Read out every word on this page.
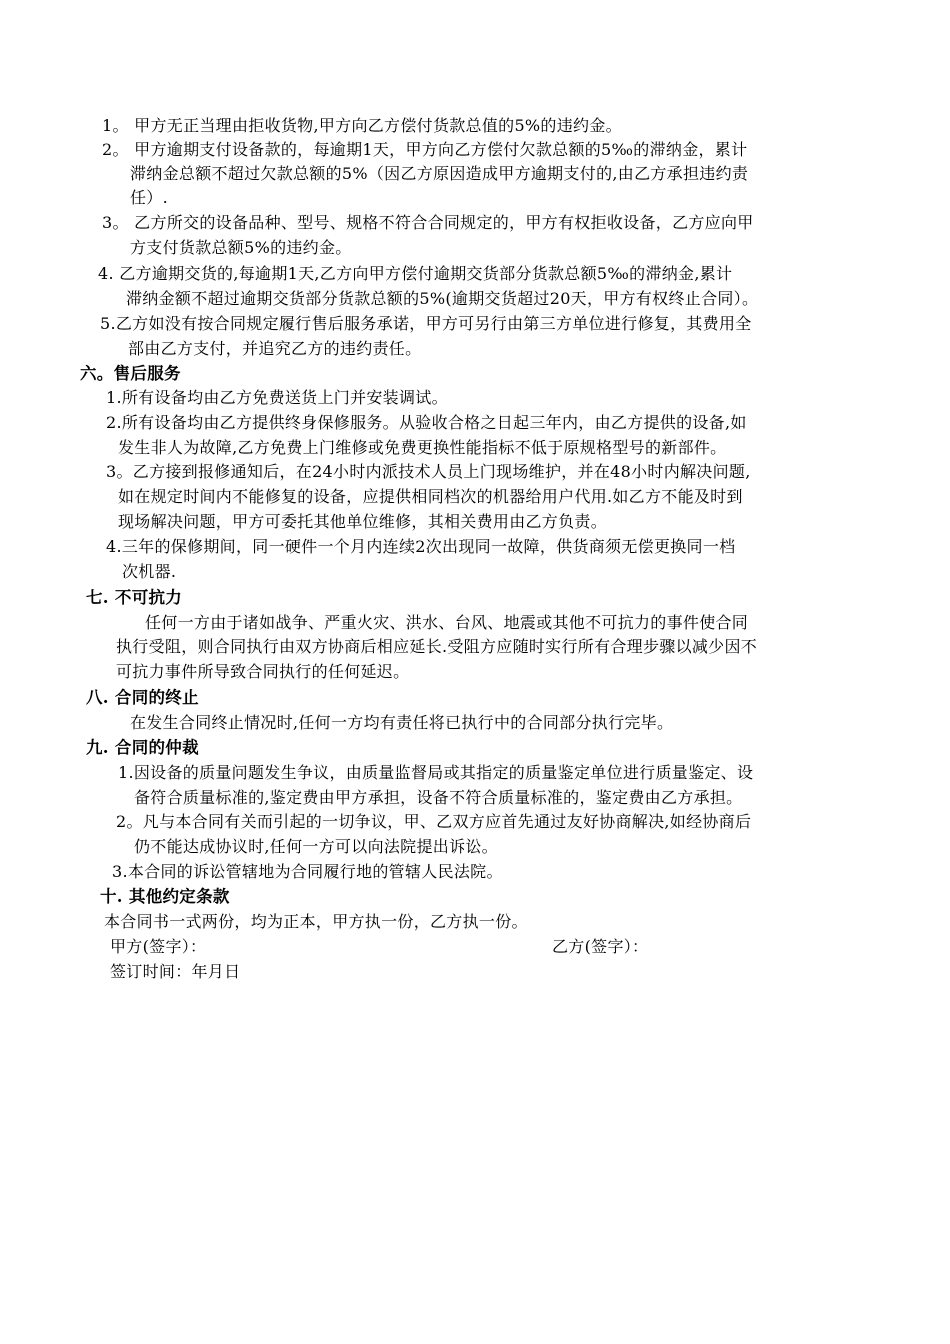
1。 甲方无正当理由拒收货物,甲方向乙方偿付货款总值的5%的违约金。
2。 甲方逾期支付设备款的，每逾期1天，甲方向乙方偿付欠款总额的5‰的滞纳金，累计
滞纳金总额不超过欠款总额的5%（因乙方原因造成甲方逾期支付的,由乙方承担违约责
任）.
3。 乙方所交的设备品种、型号、规格不符合合同规定的，甲方有权拒收设备，乙方应向甲
方支付货款总额5%的违约金。
4. 乙方逾期交货的,每逾期1天,乙方向甲方偿付逾期交货部分货款总额5‰的滞纳金,累计
滞纳金额不超过逾期交货部分货款总额的5%(逾期交货超过20天，甲方有权终止合同）。
5.乙方如没有按合同规定履行售后服务承诺，甲方可另行由第三方单位进行修复，其费用全
部由乙方支付，并追究乙方的违约责任。
六。售后服务
1.所有设备均由乙方免费送货上门并安装调试。
2.所有设备均由乙方提供终身保修服务。从验收合格之日起三年内，由乙方提供的设备,如
发生非人为故障,乙方免费上门维修或免费更换性能指标不低于原规格型号的新部件。
3。乙方接到报修通知后，在24小时内派技术人员上门现场维护，并在48小时内解决问题,
如在规定时间内不能修复的设备，应提供相同档次的机器给用户代用.如乙方不能及时到
现场解决问题，甲方可委托其他单位维修，其相关费用由乙方负责。
4.三年的保修期间，同一硬件一个月内连续2次出现同一故障，供货商须无偿更换同一档
次机器.
七. 不可抗力
任何一方由于诸如战争、严重火灾、洪水、台风、地震或其他不可抗力的事件使合同
执行受阻，则合同执行由双方协商后相应延长.受阻方应随时实行所有合理步骤以减少因不
可抗力事件所导致合同执行的任何延迟。
八. 合同的终止
在发生合同终止情况时,任何一方均有责任将已执行中的合同部分执行完毕。
九. 合同的仲裁
1.因设备的质量问题发生争议，由质量监督局或其指定的质量鉴定单位进行质量鉴定、设
备符合质量标准的,鉴定费由甲方承担，设备不符合质量标准的，鉴定费由乙方承担。
2。凡与本合同有关而引起的一切争议，甲、乙双方应首先通过友好协商解决,如经协商后
仍不能达成协议时,任何一方可以向法院提出诉讼。
3.本合同的诉讼管辖地为合同履行地的管辖人民法院。
十. 其他约定条款
本合同书一式两份，均为正本，甲方执一份，乙方执一份。
甲方(签字）：	乙方(签字）：
签订时间：年月日
